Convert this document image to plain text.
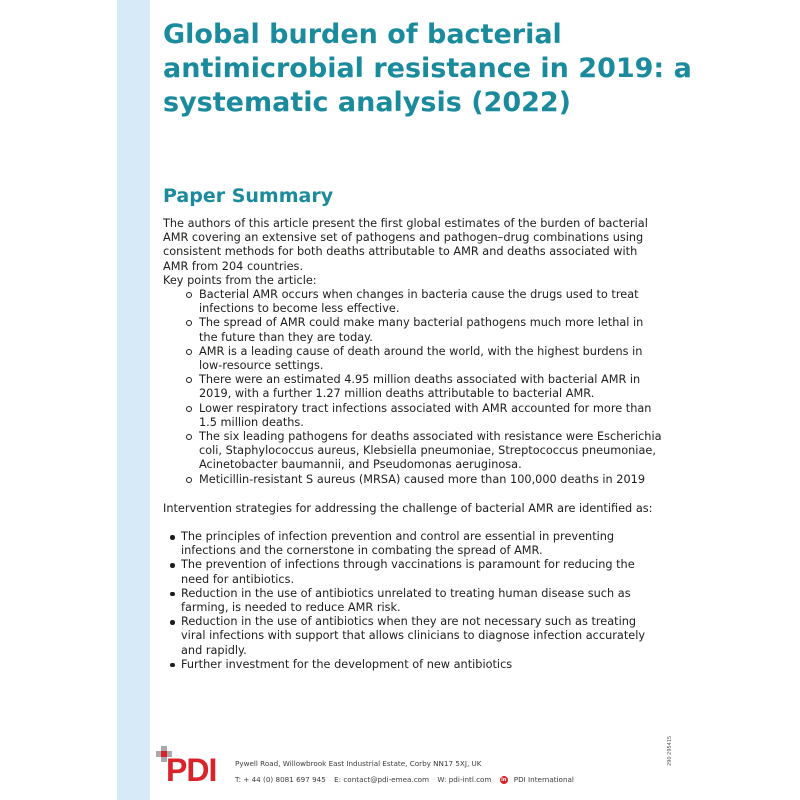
Global burden of bacterial antimicrobial resistance in 2019: a systematic analysis (2022)
Paper Summary
The authors of this article present the first global estimates of the burden of bacterial AMR covering an extensive set of pathogens and pathogen–drug combinations using consistent methods for both deaths attributable to AMR and deaths associated with AMR from 204 countries.
Key points from the article:
Bacterial AMR occurs when changes in bacteria cause the drugs used to treat infections to become less effective.
The spread of AMR could make many bacterial pathogens much more lethal in the future than they are today.
AMR is a leading cause of death around the world, with the highest burdens in low-resource settings.
There were an estimated 4.95 million deaths associated with bacterial AMR in 2019, with a further 1.27 million deaths attributable to bacterial AMR.
Lower respiratory tract infections associated with AMR accounted for more than 1.5 million deaths.
The six leading pathogens for deaths associated with resistance were Escherichia coli, Staphylococcus aureus, Klebsiella pneumoniae, Streptococcus pneumoniae, Acinetobacter baumannii, and Pseudomonas aeruginosa.
Meticillin-resistant S aureus (MRSA) caused more than 100,000 deaths in 2019

Intervention strategies for addressing the challenge of bacterial AMR are identified as:

The principles of infection prevention and control are essential in preventing infections and the cornerstone in combating the spread of AMR.
The prevention of infections through vaccinations is paramount for reducing the need for antibiotics.
Reduction in the use of antibiotics unrelated to treating human disease such as farming, is needed to reduce AMR risk.
Reduction in the use of antibiotics when they are not necessary such as treating viral infections with support that allows clinicians to diagnose infection accurately and rapidly.
Further investment for the development of new antibiotics
PDI	Pywell Road, Willowbrook East Industrial Estate, Corby NN17 5XJ, UK
T: + 44 (0) 8081 697 945 E: contact@pdi-emea.com W: pdi-intl.com in PDI International
290 295415
